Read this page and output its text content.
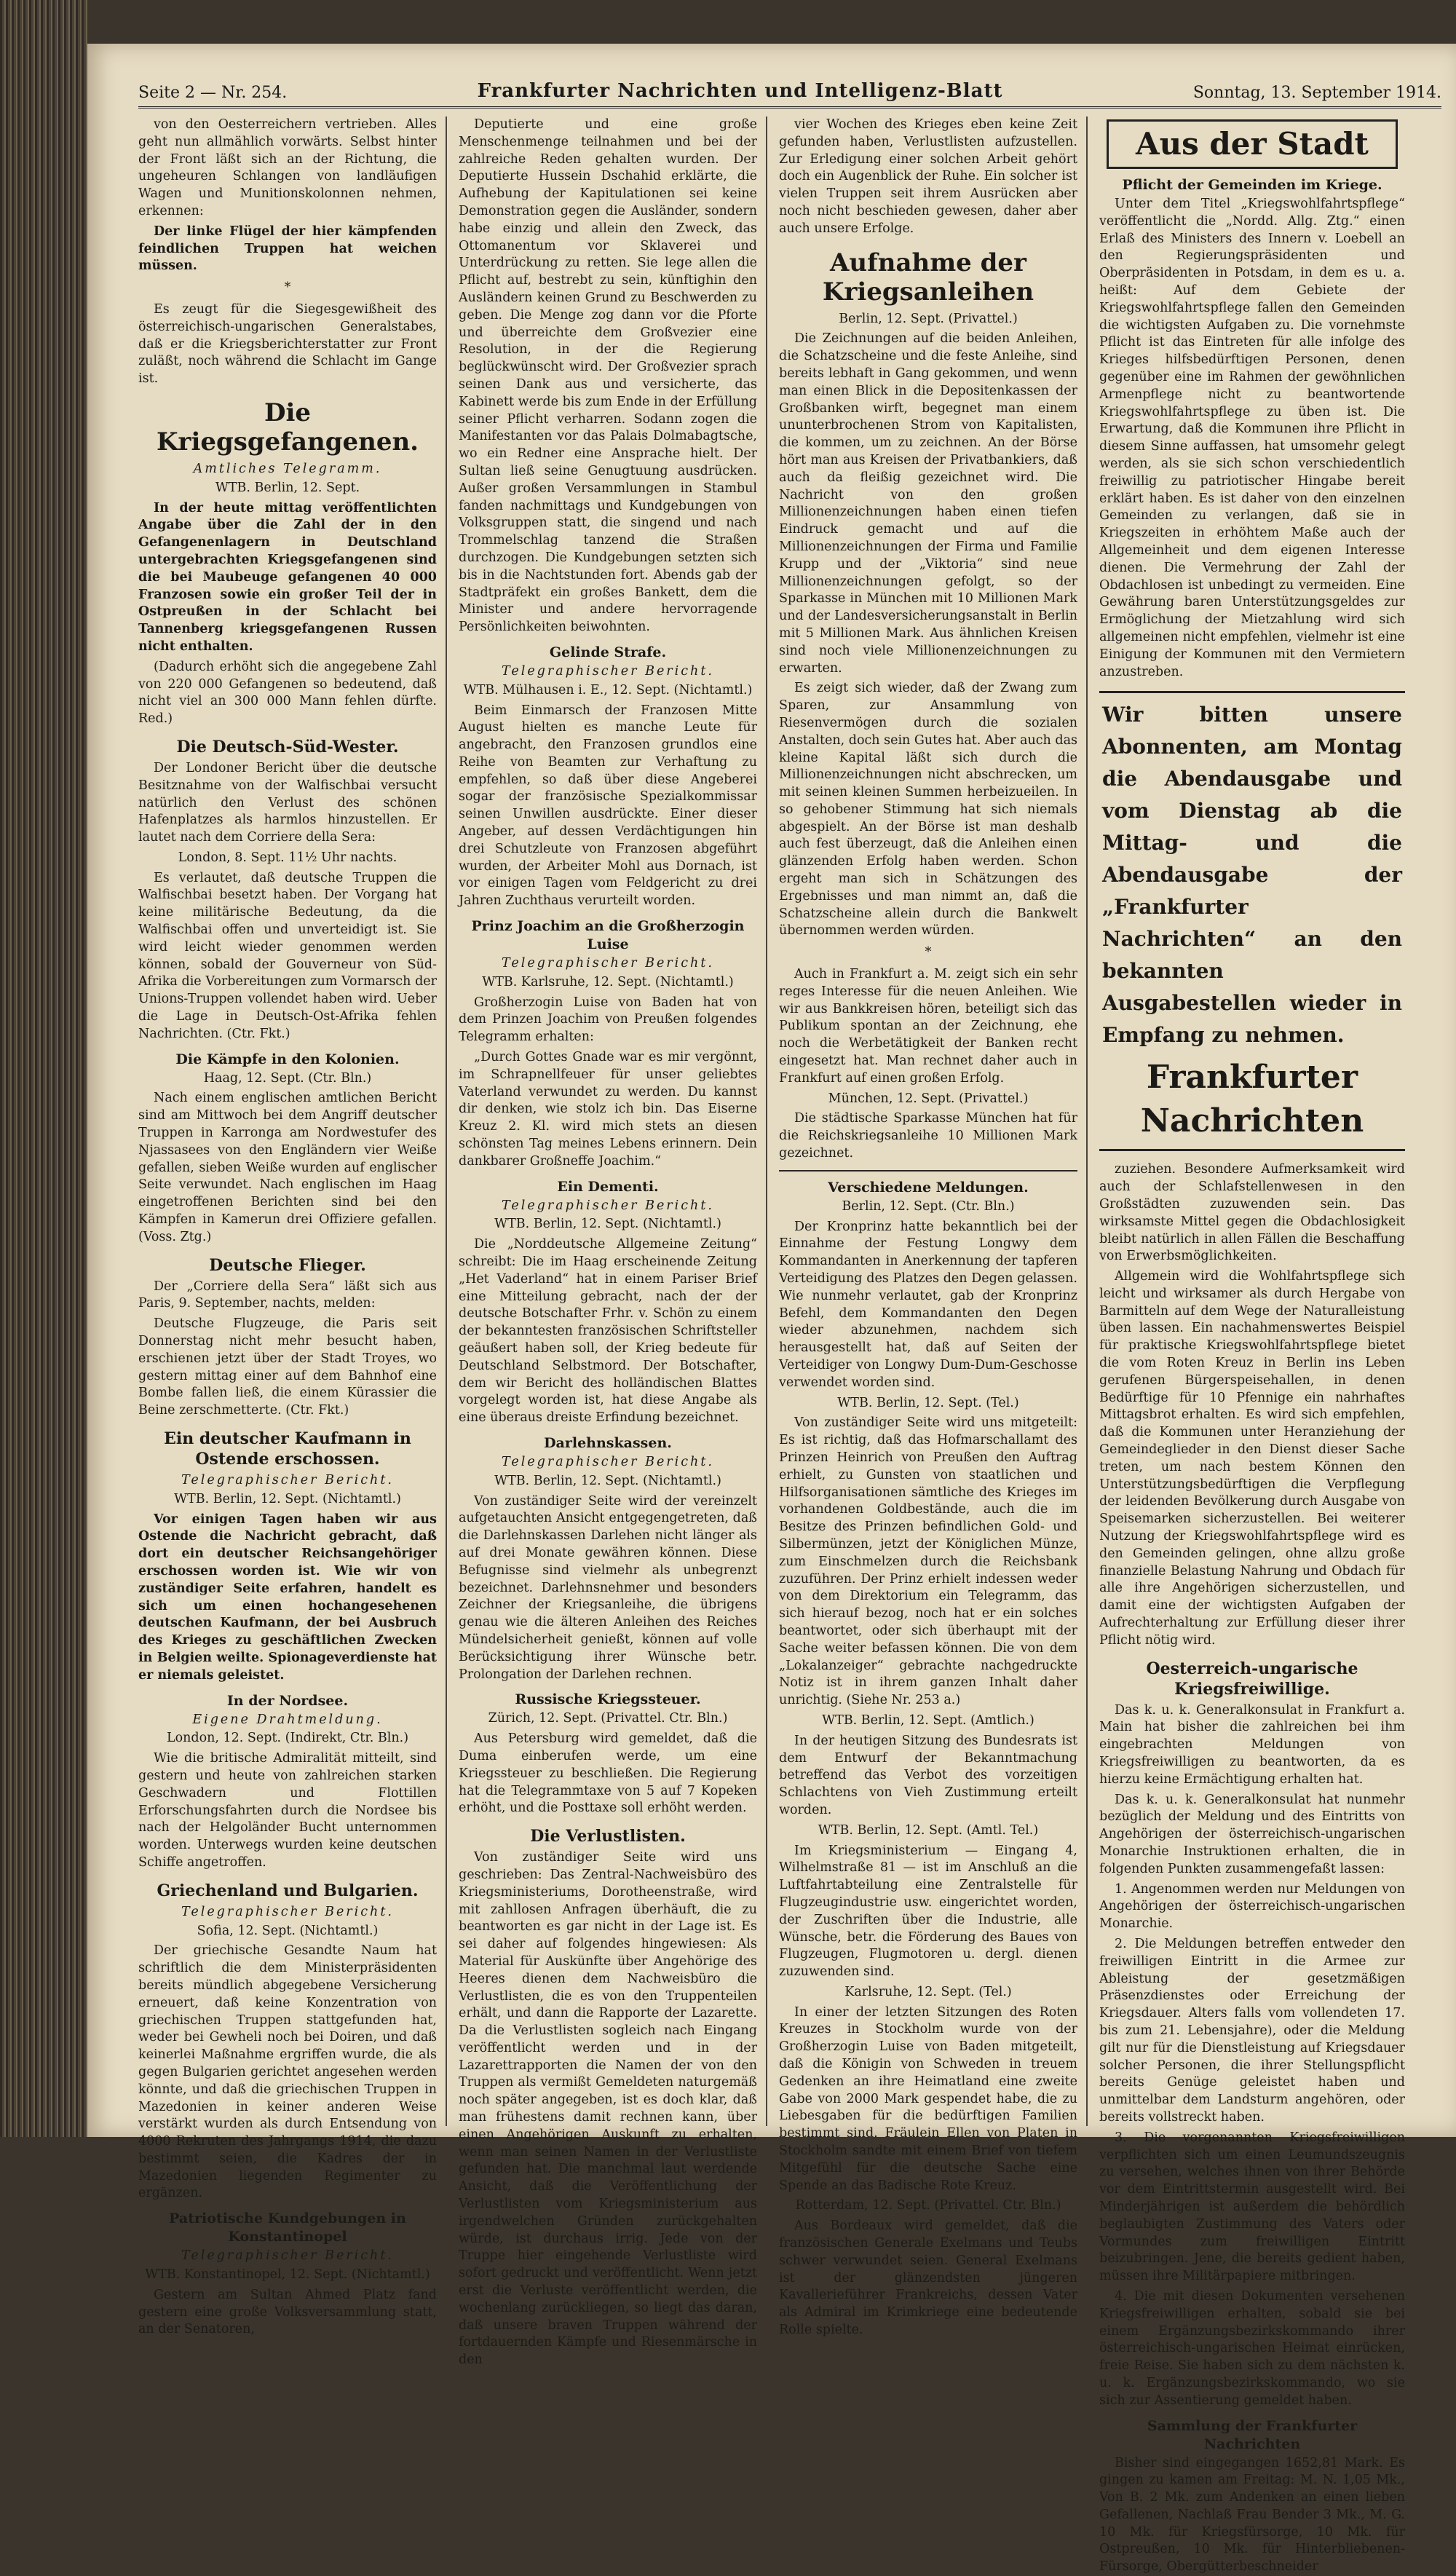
Seite 2 — Nr. 254.	Frankfurter Nachrichten und Intelligenz-Blatt	Sonntag, 13. September 1914.

von den Oesterreichern vertrieben. Alles geht nun allmählich vorwärts. Selbst hinter der Front läßt sich an der Richtung, die ungeheuren Schlangen von landläufigen Wagen und Munitionskolonnen nehmen, erkennen:

Der linke Flügel der hier kämpfenden feindlichen Truppen hat weichen müssen.

*

Es zeugt für die Siegesgewißheit des österreichisch-ungarischen Generalstabes, daß er die Kriegsberichterstatter zur Front zuläßt, noch während die Schlacht im Gange ist.

Die Kriegsgefangenen.
Amtliches Telegramm.
WTB. Berlin, 12. Sept.

In der heute mittag veröffentlichten Angabe über die Zahl der in den Gefangenenlagern in Deutschland untergebrachten Kriegsgefangenen sind die bei Maubeuge gefangenen 40 000 Franzosen sowie ein großer Teil der in Ostpreußen in der Schlacht bei Tannenberg kriegsgefangenen Russen nicht enthalten.

(Dadurch erhöht sich die angegebene Zahl von 220 000 Gefangenen so bedeutend, daß nicht viel an 300 000 Mann fehlen dürfte. Red.)

Die Deutsch-Süd-Wester.

Der Londoner Bericht über die deutsche Besitznahme von der Walfischbai versucht natürlich den Verlust des schönen Hafenplatzes als harmlos hinzustellen. Er lautet nach dem Corriere della Sera:

London, 8. Sept. 11½ Uhr nachts.

Es verlautet, daß deutsche Truppen die Walfischbai besetzt haben. Der Vorgang hat keine militärische Bedeutung, da die Walfischbai offen und unverteidigt ist. Sie wird leicht wieder genommen werden können, sobald der Gouverneur von Süd-Afrika die Vorbereitungen zum Vormarsch der Unions-Truppen vollendet haben wird. Ueber die Lage in Deutsch-Ost-Afrika fehlen Nachrichten. (Ctr. Fkt.)

Die Kämpfe in den Kolonien.
Haag, 12. Sept. (Ctr. Bln.)

Nach einem englischen amtlichen Bericht sind am Mittwoch bei dem Angriff deutscher Truppen in Karronga am Nordwestufer des Njassasees von den Engländern vier Weiße gefallen, sieben Weiße wurden auf englischer Seite verwundet. Nach englischen im Haag eingetroffenen Berichten sind bei den Kämpfen in Kamerun drei Offiziere gefallen. (Voss. Ztg.)

Deutsche Flieger.

Der „Corriere della Sera“ läßt sich aus Paris, 9. September, nachts, melden:

Deutsche Flugzeuge, die Paris seit Donnerstag nicht mehr besucht haben, erschienen jetzt über der Stadt Troyes, wo gestern mittag einer auf dem Bahnhof eine Bombe fallen ließ, die einem Kürassier die Beine zerschmetterte. (Ctr. Fkt.)

Ein deutscher Kaufmann in Ostende erschossen.
Telegraphischer Bericht.
WTB. Berlin, 12. Sept. (Nichtamtl.)

Vor einigen Tagen haben wir aus Ostende die Nachricht gebracht, daß dort ein deutscher Reichsangehöriger erschossen worden ist. Wie wir von zuständiger Seite erfahren, handelt es sich um einen hochangesehenen deutschen Kaufmann, der bei Ausbruch des Krieges zu geschäftlichen Zwecken in Belgien weilte. Spionageverdienste hat er niemals geleistet.

In der Nordsee.
Eigene Drahtmeldung.
London, 12. Sept. (Indirekt, Ctr. Bln.)

Wie die britische Admiralität mitteilt, sind gestern und heute von zahlreichen starken Geschwadern und Flottillen Erforschungsfahrten durch die Nordsee bis nach der Helgoländer Bucht unternommen worden. Unterwegs wurden keine deutschen Schiffe angetroffen.

Griechenland und Bulgarien.
Telegraphischer Bericht.
Sofia, 12. Sept. (Nichtamtl.)

Der griechische Gesandte Naum hat schriftlich die dem Ministerpräsidenten bereits mündlich abgegebene Versicherung erneuert, daß keine Konzentration von griechischen Truppen stattgefunden hat, weder bei Gewheli noch bei Doiren, und daß keinerlei Maßnahme ergriffen wurde, die als gegen Bulgarien gerichtet angesehen werden könnte, und daß die griechischen Truppen in Mazedonien in keiner anderen Weise verstärkt wurden als durch Entsendung von 4000 Rekruten des Jahrgangs 1914, die dazu bestimmt seien, die Kadres der in Mazedonien liegenden Regimenter zu ergänzen.

Patriotische Kundgebungen in Konstantinopel
Telegraphischer Bericht.
WTB. Konstantinopel, 12. Sept. (Nichtamtl.)

Gestern am Sultan Ahmed Platz fand gestern eine große Volksversammlung statt, an der Senatoren,

Deputierte und eine große Menschenmenge teilnahmen und bei der zahlreiche Reden gehalten wurden. Der Deputierte Hussein Dschahid erklärte, die Aufhebung der Kapitulationen sei keine Demonstration gegen die Ausländer, sondern habe einzig und allein den Zweck, das Ottomanentum vor Sklaverei und Unterdrückung zu retten. Sie lege allen die Pflicht auf, bestrebt zu sein, künftighin den Ausländern keinen Grund zu Beschwerden zu geben. Die Menge zog dann vor die Pforte und überreichte dem Großvezier eine Resolution, in der die Regierung beglückwünscht wird. Der Großvezier sprach seinen Dank aus und versicherte, das Kabinett werde bis zum Ende in der Erfüllung seiner Pflicht verharren. Sodann zogen die Manifestanten vor das Palais Dolmabagtsche, wo ein Redner eine Ansprache hielt. Der Sultan ließ seine Genugtuung ausdrücken. Außer großen Versammlungen in Stambul fanden nachmittags und Kundgebungen von Volksgruppen statt, die singend und nach Trommelschlag tanzend die Straßen durchzogen. Die Kundgebungen setzten sich bis in die Nachtstunden fort. Abends gab der Stadtpräfekt ein großes Bankett, dem die Minister und andere hervorragende Persönlichkeiten beiwohnten.

Gelinde Strafe.
Telegraphischer Bericht.
WTB. Mülhausen i. E., 12. Sept. (Nichtamtl.)

Beim Einmarsch der Franzosen Mitte August hielten es manche Leute für angebracht, den Franzosen grundlos eine Reihe von Beamten zur Verhaftung zu empfehlen, so daß über diese Angeberei sogar der französische Spezialkommissar seinen Unwillen ausdrückte. Einer dieser Angeber, auf dessen Verdächtigungen hin drei Schutzleute von Franzosen abgeführt wurden, der Arbeiter Mohl aus Dornach, ist vor einigen Tagen vom Feldgericht zu drei Jahren Zuchthaus verurteilt worden.

Prinz Joachim an die Großherzogin Luise
Telegraphischer Bericht.
WTB. Karlsruhe, 12. Sept. (Nichtamtl.)

Großherzogin Luise von Baden hat von dem Prinzen Joachim von Preußen folgendes Telegramm erhalten:

„Durch Gottes Gnade war es mir vergönnt, im Schrapnellfeuer für unser geliebtes Vaterland verwundet zu werden. Du kannst dir denken, wie stolz ich bin. Das Eiserne Kreuz 2. Kl. wird mich stets an diesen schönsten Tag meines Lebens erinnern. Dein dankbarer Großneffe Joachim.“

Ein Dementi.
Telegraphischer Bericht.
WTB. Berlin, 12. Sept. (Nichtamtl.)

Die „Norddeutsche Allgemeine Zeitung“ schreibt: Die im Haag erscheinende Zeitung „Het Vaderland“ hat in einem Pariser Brief eine Mitteilung gebracht, nach der der deutsche Botschafter Frhr. v. Schön zu einem der bekanntesten französischen Schriftsteller geäußert haben soll, der Krieg bedeute für Deutschland Selbstmord. Der Botschafter, dem wir Bericht des holländischen Blattes vorgelegt worden ist, hat diese Angabe als eine überaus dreiste Erfindung bezeichnet.

Darlehnskassen.
Telegraphischer Bericht.
WTB. Berlin, 12. Sept. (Nichtamtl.)

Von zuständiger Seite wird der vereinzelt aufgetauchten Ansicht entgegengetreten, daß die Darlehnskassen Darlehen nicht länger als auf drei Monate gewähren können. Diese Befugnisse sind vielmehr als unbegrenzt bezeichnet. Darlehnsnehmer und besonders Zeichner der Kriegsanleihe, die übrigens genau wie die älteren Anleihen des Reiches Mündelsicherheit genießt, können auf volle Berücksichtigung ihrer Wünsche betr. Prolongation der Darlehen rechnen.

Russische Kriegssteuer.
Zürich, 12. Sept. (Privattel. Ctr. Bln.)

Aus Petersburg wird gemeldet, daß die Duma einberufen werde, um eine Kriegssteuer zu beschließen. Die Regierung hat die Telegrammtaxe von 5 auf 7 Kopeken erhöht, und die Posttaxe soll erhöht werden.

Die Verlustlisten.

Von zuständiger Seite wird uns geschrieben: Das Zentral-Nachweisbüro des Kriegsministeriums, Dorotheenstraße, wird mit zahllosen Anfragen überhäuft, die zu beantworten es gar nicht in der Lage ist. Es sei daher auf folgendes hingewiesen: Als Material für Auskünfte über Angehörige des Heeres dienen dem Nachweisbüro die Verlustlisten, die es von den Truppenteilen erhält, und dann die Rapporte der Lazarette. Da die Verlustlisten sogleich nach Eingang veröffentlicht werden und in der Lazarettrapporten die Namen der von den Truppen als vermißt Gemeldeten naturgemäß noch später angegeben, ist es doch klar, daß man frühestens damit rechnen kann, über einen Angehörigen Auskunft zu erhalten, wenn man seinen Namen in der Verlustliste gefunden hat. Die manchmal laut werdende Ansicht, daß die Veröffentlichung der Verlustlisten vom Kriegsministerium aus irgendwelchen Gründen zurückgehalten würde, ist durchaus irrig. Jede von der Truppe hier eingehende Verlustliste wird sofort gedruckt und veröffentlicht. Wenn jetzt erst die Verluste veröffentlicht werden, die wochenlang zurückliegen, so liegt das daran, daß unsere braven Truppen während der fortdauernden Kämpfe und Riesenmärsche in den

vier Wochen des Krieges eben keine Zeit gefunden haben, Verlustlisten aufzustellen. Zur Erledigung einer solchen Arbeit gehört doch ein Augenblick der Ruhe. Ein solcher ist vielen Truppen seit ihrem Ausrücken aber noch nicht beschieden gewesen, daher aber auch unsere Erfolge.

Aufnahme der Kriegsanleihen
Berlin, 12. Sept. (Privattel.)

Die Zeichnungen auf die beiden Anleihen, die Schatzscheine und die feste Anleihe, sind bereits lebhaft in Gang gekommen, und wenn man einen Blick in die Depositenkassen der Großbanken wirft, begegnet man einem ununterbrochenen Strom von Kapitalisten, die kommen, um zu zeichnen. An der Börse hört man aus Kreisen der Privatbankiers, daß auch da fleißig gezeichnet wird. Die Nachricht von den großen Millionenzeichnungen haben einen tiefen Eindruck gemacht und auf die Millionenzeichnungen der Firma und Familie Krupp und der „Viktoria“ sind neue Millionenzeichnungen gefolgt, so der Sparkasse in München mit 10 Millionen Mark und der Landesversicherungsanstalt in Berlin mit 5 Millionen Mark. Aus ähnlichen Kreisen sind noch viele Millionenzeichnungen zu erwarten.

Es zeigt sich wieder, daß der Zwang zum Sparen, zur Ansammlung von Riesenvermögen durch die sozialen Anstalten, doch sein Gutes hat. Aber auch das kleine Kapital läßt sich durch die Millionenzeichnungen nicht abschrecken, um mit seinen kleinen Summen herbeizueilen. In so gehobener Stimmung hat sich niemals abgespielt. An der Börse ist man deshalb auch fest überzeugt, daß die Anleihen einen glänzenden Erfolg haben werden. Schon ergeht man sich in Schätzungen des Ergebnisses und man nimmt an, daß die Schatzscheine allein durch die Bankwelt übernommen werden würden.

*

Auch in Frankfurt a. M. zeigt sich ein sehr reges Interesse für die neuen Anleihen. Wie wir aus Bankkreisen hören, beteiligt sich das Publikum spontan an der Zeichnung, ehe noch die Werbetätigkeit der Banken recht eingesetzt hat. Man rechnet daher auch in Frankfurt auf einen großen Erfolg.

München, 12. Sept. (Privattel.)

Die städtische Sparkasse München hat für die Reichskriegsanleihe 10 Millionen Mark gezeichnet.

Verschiedene Meldungen.
Berlin, 12. Sept. (Ctr. Bln.)

Der Kronprinz hatte bekanntlich bei der Einnahme der Festung Longwy dem Kommandanten in Anerkennung der tapferen Verteidigung des Platzes den Degen gelassen. Wie nunmehr verlautet, gab der Kronprinz Befehl, dem Kommandanten den Degen wieder abzunehmen, nachdem sich herausgestellt hat, daß auf Seiten der Verteidiger von Longwy Dum-Dum-Geschosse verwendet worden sind.

WTB. Berlin, 12. Sept. (Tel.)

Von zuständiger Seite wird uns mitgeteilt: Es ist richtig, daß das Hofmarschallamt des Prinzen Heinrich von Preußen den Auftrag erhielt, zu Gunsten von staatlichen und Hilfsorganisationen sämtliche des Krieges im vorhandenen Goldbestände, auch die im Besitze des Prinzen befindlichen Gold- und Silbermünzen, jetzt der Königlichen Münze, zum Einschmelzen durch die Reichsbank zuzuführen. Der Prinz erhielt indessen weder von dem Direktorium ein Telegramm, das sich hierauf bezog, noch hat er ein solches beantwortet, oder sich überhaupt mit der Sache weiter befassen können. Die von dem „Lokalanzeiger“ gebrachte nachgedruckte Notiz ist in ihrem ganzen Inhalt daher unrichtig. (Siehe Nr. 253 a.)

WTB. Berlin, 12. Sept. (Amtlich.)

In der heutigen Sitzung des Bundesrats ist dem Entwurf der Bekanntmachung betreffend das Verbot des vorzeitigen Schlachtens von Vieh Zustimmung erteilt worden.

WTB. Berlin, 12. Sept. (Amtl. Tel.)

Im Kriegsministerium — Eingang 4, Wilhelmstraße 81 — ist im Anschluß an die Luftfahrtabteilung eine Zentralstelle für Flugzeugindustrie usw. eingerichtet worden, der Zuschriften über die Industrie, alle Wünsche, betr. die Förderung des Baues von Flugzeugen, Flugmotoren u. dergl. dienen zuzuwenden sind.

Karlsruhe, 12. Sept. (Tel.)

In einer der letzten Sitzungen des Roten Kreuzes in Stockholm wurde von der Großherzogin Luise von Baden mitgeteilt, daß die Königin von Schweden in treuem Gedenken an ihre Heimatland eine zweite Gabe von 2000 Mark gespendet habe, die zu Liebesgaben für die bedürftigen Familien bestimmt sind. Fräulein Ellen von Platen in Stockholm sandte mit einem Brief von tiefem Mitgefühl für die deutsche Sache eine Spende an das Badische Rote Kreuz.

Rotterdam, 12. Sept. (Privattel. Ctr. Bln.)

Aus Bordeaux wird gemeldet, daß die französischen Generale Exelmans und Teubs schwer verwundet seien. General Exelmans ist der glänzendsten jüngeren Kavallerieführer Frankreichs, dessen Vater als Admiral im Krimkriege eine bedeutende Rolle spielte.

Aus der Stadt
Pflicht der Gemeinden im Kriege.

Unter dem Titel „Kriegswohlfahrtspflege“ veröffentlicht die „Nordd. Allg. Ztg.“ einen Erlaß des Ministers des Innern v. Loebell an den Regierungspräsidenten und Oberpräsidenten in Potsdam, in dem es u. a. heißt: Auf dem Gebiete der Kriegswohlfahrtspflege fallen den Gemeinden die wichtigsten Aufgaben zu. Die vornehmste Pflicht ist das Eintreten für alle infolge des Krieges hilfsbedürftigen Personen, denen gegenüber eine im Rahmen der gewöhnlichen Armenpflege nicht zu beantwortende Kriegswohlfahrtspflege zu üben ist. Die Erwartung, daß die Kommunen ihre Pflicht in diesem Sinne auffassen, hat umsomehr gelegt werden, als sie sich schon verschiedentlich freiwillig zu patriotischer Hingabe bereit erklärt haben. Es ist daher von den einzelnen Gemeinden zu verlangen, daß sie in Kriegszeiten in erhöhtem Maße auch der Allgemeinheit und dem eigenen Interesse dienen. Die Vermehrung der Zahl der Obdachlosen ist unbedingt zu vermeiden. Eine Gewährung baren Unterstützungsgeldes zur Ermöglichung der Mietzahlung wird sich allgemeinen nicht empfehlen, vielmehr ist eine Einigung der Kommunen mit den Vermietern anzustreben.

Wir bitten unsere Abonnenten, am Montag die Abendausgabe und vom Dienstag ab die Mittag- und die Abendausgabe der „Frankfurter Nachrichten“ an den bekannten Ausgabestellen wieder in Empfang zu nehmen.
Frankfurter Nachrichten

zuziehen. Besondere Aufmerksamkeit wird auch der Schlafstellenwesen in den Großstädten zuzuwenden sein. Das wirksamste Mittel gegen die Obdachlosigkeit bleibt natürlich in allen Fällen die Beschaffung von Erwerbsmöglichkeiten.

Allgemein wird die Wohlfahrtspflege sich leicht und wirksamer als durch Hergabe von Barmitteln auf dem Wege der Naturalleistung üben lassen. Ein nachahmenswertes Beispiel für praktische Kriegswohlfahrtspflege bietet die vom Roten Kreuz in Berlin ins Leben gerufenen Bürgerspeisehallen, in denen Bedürftige für 10 Pfennige ein nahrhaftes Mittagsbrot erhalten. Es wird sich empfehlen, daß die Kommunen unter Heranziehung der Gemeindeglieder in den Dienst dieser Sache treten, um nach bestem Können den Unterstützungsbedürftigen die Verpflegung der leidenden Bevölkerung durch Ausgabe von Speisemarken sicherzustellen. Bei weiterer Nutzung der Kriegswohlfahrtspflege wird es den Gemeinden gelingen, ohne allzu große finanzielle Belastung Nahrung und Obdach für alle ihre Angehörigen sicherzustellen, und damit eine der wichtigsten Aufgaben der Aufrechterhaltung zur Erfüllung dieser ihrer Pflicht nötig wird.

Oesterreich-ungarische Kriegsfreiwillige.

Das k. u. k. Generalkonsulat in Frankfurt a. Main hat bisher die zahlreichen bei ihm eingebrachten Meldungen von Kriegsfreiwilligen zu beantworten, da es hierzu keine Ermächtigung erhalten hat.

Das k. u. k. Generalkonsulat hat nunmehr bezüglich der Meldung und des Eintritts von Angehörigen der österreichisch-ungarischen Monarchie Instruktionen erhalten, die in folgenden Punkten zusammengefaßt lassen:

1. Angenommen werden nur Meldungen von Angehörigen der österreichisch-ungarischen Monarchie.

2. Die Meldungen betreffen entweder den freiwilligen Eintritt in die Armee zur Ableistung der gesetzmäßigen Präsenzdienstes oder Erreichung der Kriegsdauer. Alters falls vom vollendeten 17. bis zum 21. Lebensjahre), oder die Meldung gilt nur für die Dienstleistung auf Kriegsdauer solcher Personen, die ihrer Stellungspflicht bereits Genüge geleistet haben und unmittelbar dem Landsturm angehören, oder bereits vollstreckt haben.

3. Die vorgenannten Kriegsfreiwilligen verpflichten sich um einen Leumundszeugnis zu versehen, welches ihnen von ihrer Behörde vor dem Eintrittstermin ausgestellt wird. Bei Minderjährigen ist außerdem die behördlich beglaubigten Zustimmung des Vaters oder Vormundes zum freiwilligen Eintritt beizubringen. Jene, die bereits gedient haben, müssen ihre Militärpapiere mitbringen.

4. Die mit diesen Dokumenten versehenen Kriegsfreiwilligen erhalten, sobald sie bei einem Ergänzungsbezirkskommando ihrer österreichisch-ungarischen Heimat einrücken, freie Reise. Sie haben sich zu dem nächsten k. u. k. Ergänzungsbezirkskommando, wo sie sich zur Assentierung gemeldet haben.

Sammlung der Frankfurter Nachrichten

Bisher sind eingegangen 1652,81 Mark. Es gingen zu kamen am Freitag: M. N. 1,05 Mk., Von B. 2 Mk. zum Andenken an einen lieben Gefallenen, Nachlaß Frau Bender 3 Mk., M. G. 10 Mk. für Kriegsfürsorge, 10 Mk. für Ostpreußen, 10 Mk. für Hinterbliebenen-Fürsorge, Obergütterbeschneider
